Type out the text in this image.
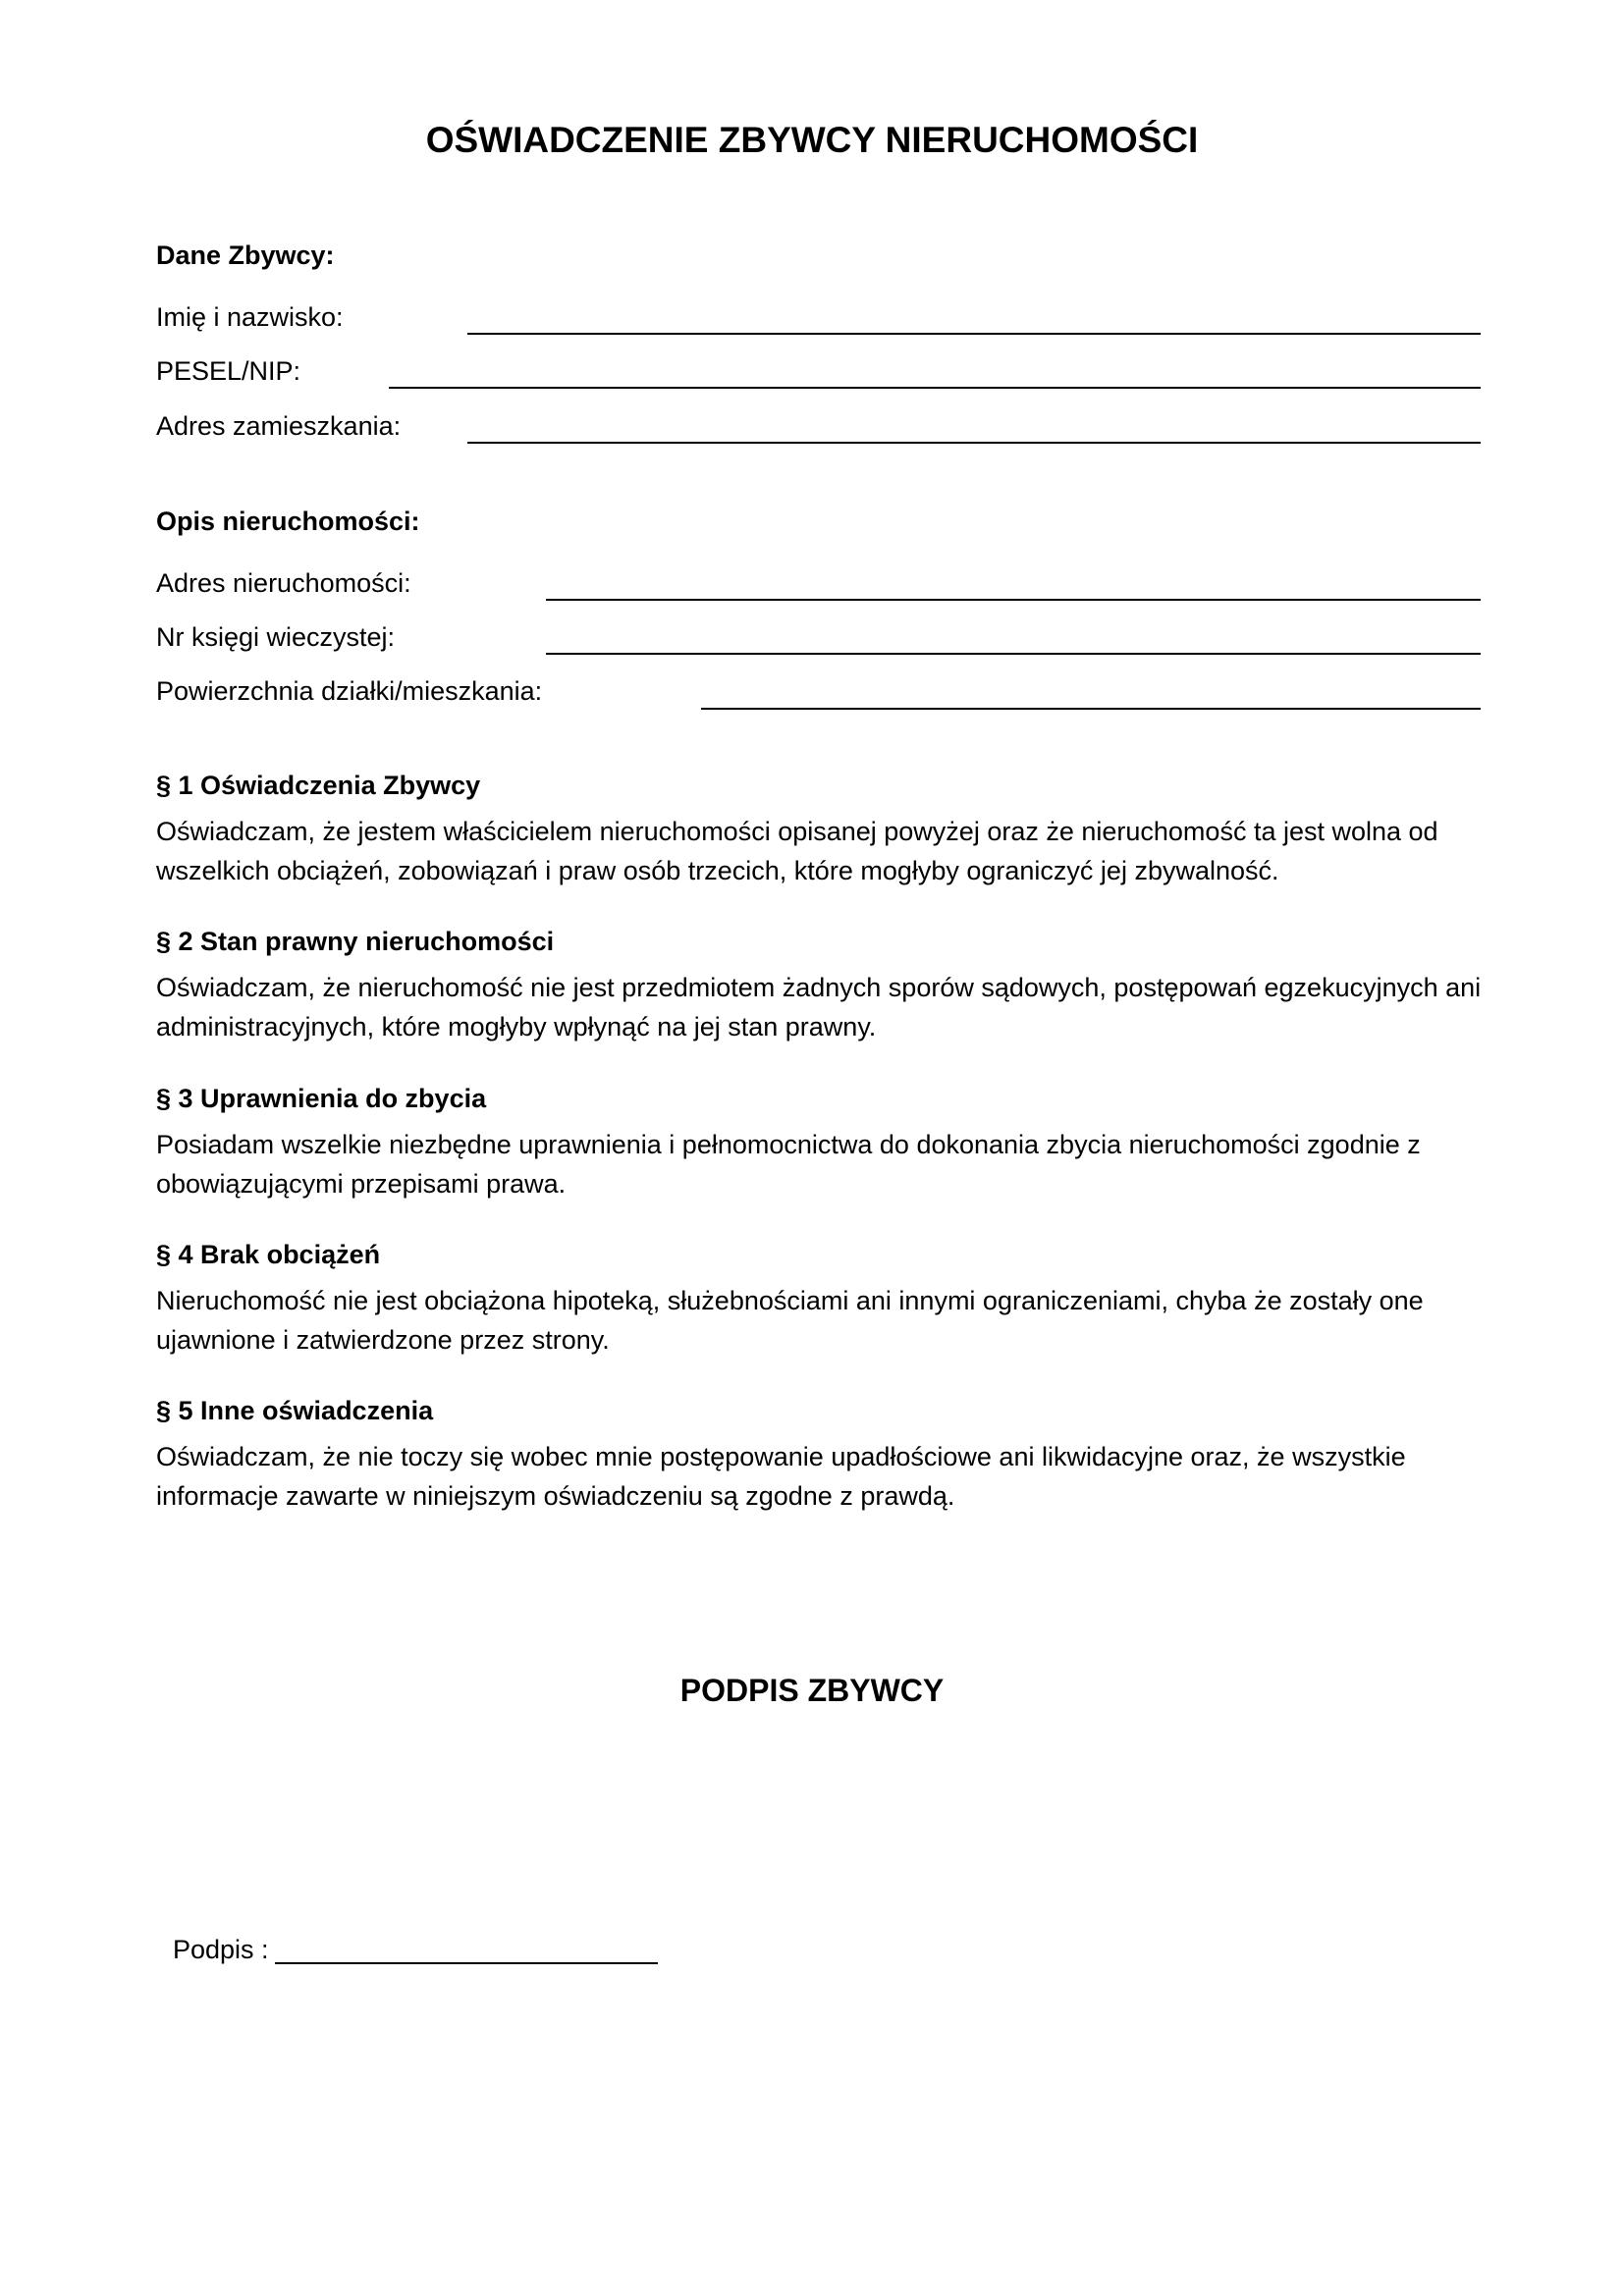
OŚWIADCZENIE ZBYWCY NIERUCHOMOŚCI
Dane Zbywcy:
Imię i nazwisko:
PESEL/NIP:
Adres zamieszkania:
Opis nieruchomości:
Adres nieruchomości:
Nr księgi wieczystej:
Powierzchnia działki/mieszkania:
§ 1 Oświadczenia Zbywcy
Oświadczam, że jestem właścicielem nieruchomości opisanej powyżej oraz że nieruchomość ta jest wolna od wszelkich obciążeń, zobowiązań i praw osób trzecich, które mogłyby ograniczyć jej zbywalność.
§ 2 Stan prawny nieruchomości
Oświadczam, że nieruchomość nie jest przedmiotem żadnych sporów sądowych, postępowań egzekucyjnych ani administracyjnych, które mogłyby wpłynąć na jej stan prawny.
§ 3 Uprawnienia do zbycia
Posiadam wszelkie niezbędne uprawnienia i pełnomocnictwa do dokonania zbycia nieruchomości zgodnie z obowiązującymi przepisami prawa.
§ 4 Brak obciążeń
Nieruchomość nie jest obciążona hipoteką, służebnościami ani innymi ograniczeniami, chyba że zostały one ujawnione i zatwierdzone przez strony.
§ 5 Inne oświadczenia
Oświadczam, że nie toczy się wobec mnie postępowanie upadłościowe ani likwidacyjne oraz, że wszystkie informacje zawarte w niniejszym oświadczeniu są zgodne z prawdą.
PODPIS ZBYWCY
Podpis :
